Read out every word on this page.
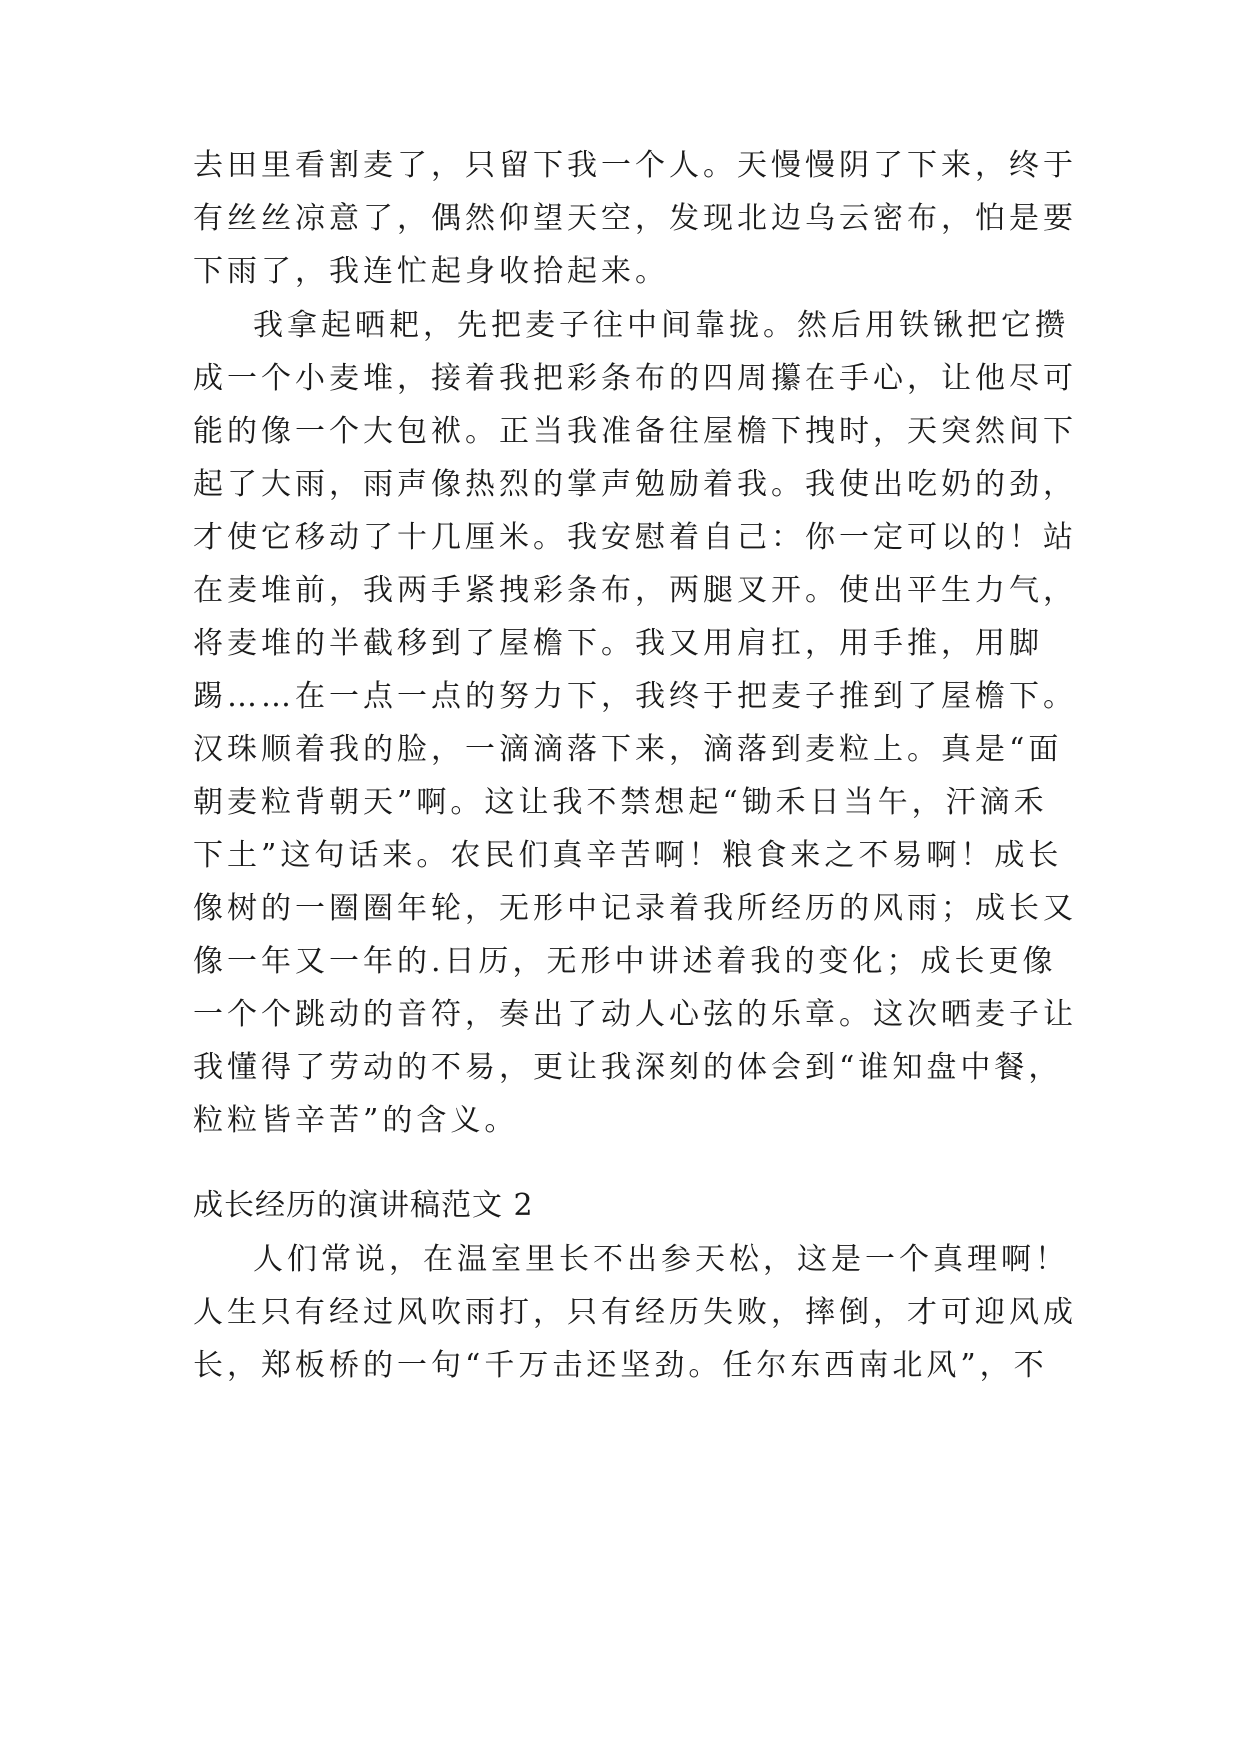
去田里看割麦了，只留下我一个人。天慢慢阴了下来，终于
有丝丝凉意了，偶然仰望天空，发现北边乌云密布，怕是要
下雨了，我连忙起身收拾起来。
我拿起晒耙，先把麦子往中间靠拢。然后用铁锹把它攒
成一个小麦堆，接着我把彩条布的四周攥在手心，让他尽可
能的像一个大包袱。正当我准备往屋檐下拽时，天突然间下
起了大雨，雨声像热烈的掌声勉励着我。我使出吃奶的劲，
才使它移动了十几厘米。我安慰着自己：你一定可以的！站
在麦堆前，我两手紧拽彩条布，两腿叉开。使出平生力气，
将麦堆的半截移到了屋檐下。我又用肩扛，用手推，用脚
踢……在一点一点的努力下，我终于把麦子推到了屋檐下。
汉珠顺着我的脸，一滴滴落下来，滴落到麦粒上。真是“面
朝麦粒背朝天”啊。这让我不禁想起“锄禾日当午，汗滴禾
下土”这句话来。农民们真辛苦啊！粮食来之不易啊！成长
像树的一圈圈年轮，无形中记录着我所经历的风雨；成长又
像一年又一年的.日历，无形中讲述着我的变化；成长更像
一个个跳动的音符，奏出了动人心弦的乐章。这次晒麦子让
我懂得了劳动的不易，更让我深刻的体会到“谁知盘中餐，
粒粒皆辛苦”的含义。
成长经历的演讲稿范文 2
人们常说，在温室里长不出参天松，这是一个真理啊！
人生只有经过风吹雨打，只有经历失败，摔倒，才可迎风成
长，郑板桥的一句“千万击还坚劲。任尔东西南北风”，不
